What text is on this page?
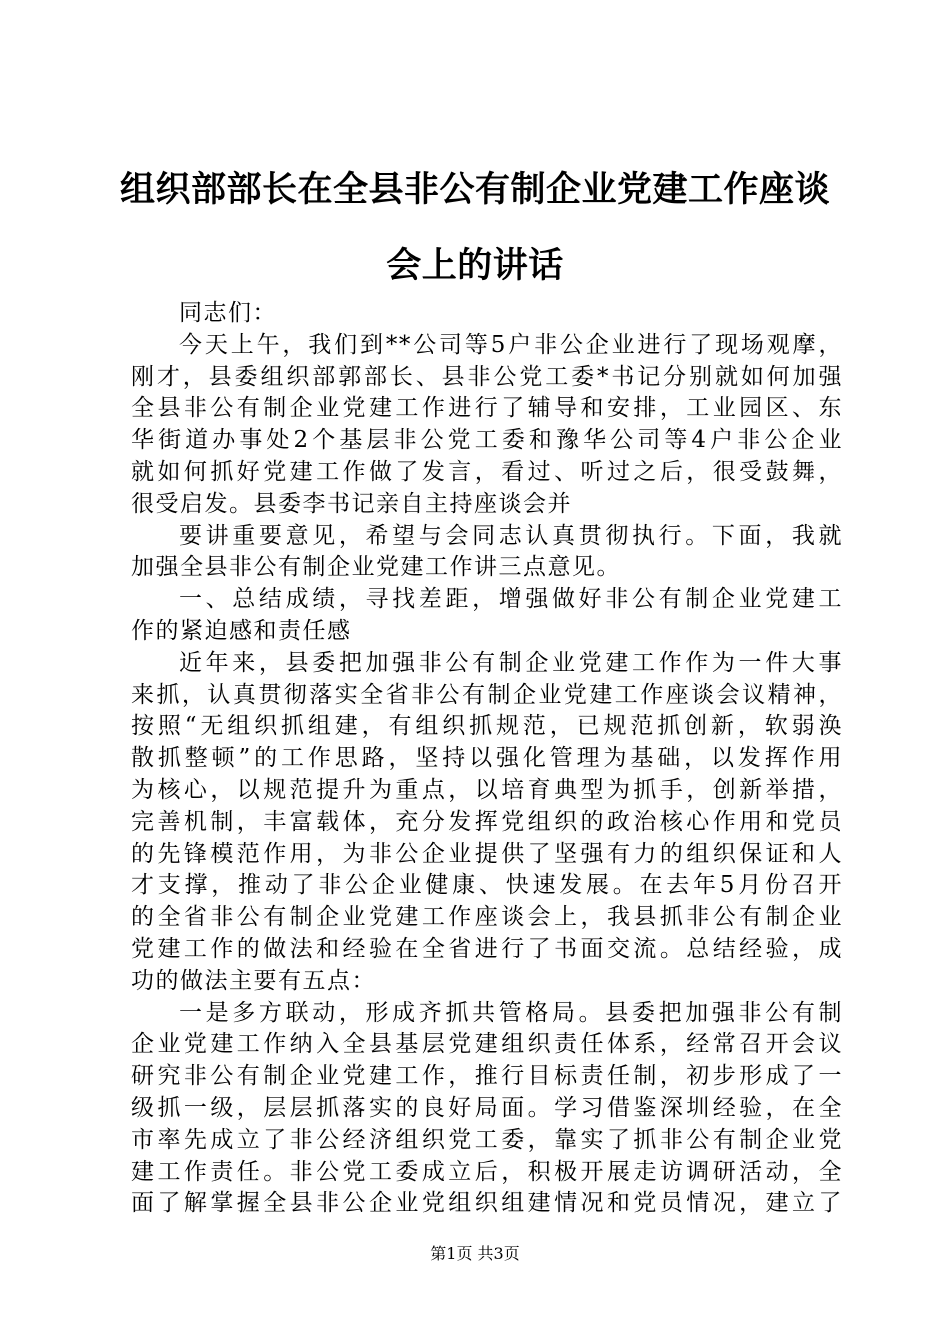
组织部部长在全县非公有制企业党建工作座谈
会上的讲话
同志们：
今天上午，我们到**公司等5户非公企业进行了现场观摩，
刚才，县委组织部郭部长、县非公党工委*书记分别就如何加强
全县非公有制企业党建工作进行了辅导和安排，工业园区、东
华街道办事处2个基层非公党工委和豫华公司等4户非公企业
就如何抓好党建工作做了发言，看过、听过之后，很受鼓舞，
很受启发。县委李书记亲自主持座谈会并
要讲重要意见，希望与会同志认真贯彻执行。下面，我就
加强全县非公有制企业党建工作讲三点意见。
一、总结成绩，寻找差距，增强做好非公有制企业党建工
作的紧迫感和责任感
近年来，县委把加强非公有制企业党建工作作为一件大事
来抓，认真贯彻落实全省非公有制企业党建工作座谈会议精神，
按照“无组织抓组建，有组织抓规范，已规范抓创新，软弱涣
散抓整顿”的工作思路，坚持以强化管理为基础，以发挥作用
为核心，以规范提升为重点，以培育典型为抓手，创新举措，
完善机制，丰富载体，充分发挥党组织的政治核心作用和党员
的先锋模范作用，为非公企业提供了坚强有力的组织保证和人
才支撑，推动了非公企业健康、快速发展。在去年5月份召开
的全省非公有制企业党建工作座谈会上，我县抓非公有制企业
党建工作的做法和经验在全省进行了书面交流。总结经验，成
功的做法主要有五点：
一是多方联动，形成齐抓共管格局。县委把加强非公有制
企业党建工作纳入全县基层党建组织责任体系，经常召开会议
研究非公有制企业党建工作，推行目标责任制，初步形成了一
级抓一级，层层抓落实的良好局面。学习借鉴深圳经验，在全
市率先成立了非公经济组织党工委，靠实了抓非公有制企业党
建工作责任。非公党工委成立后，积极开展走访调研活动，全
面了解掌握全县非公企业党组织组建情况和党员情况，建立了
第1页 共3页
